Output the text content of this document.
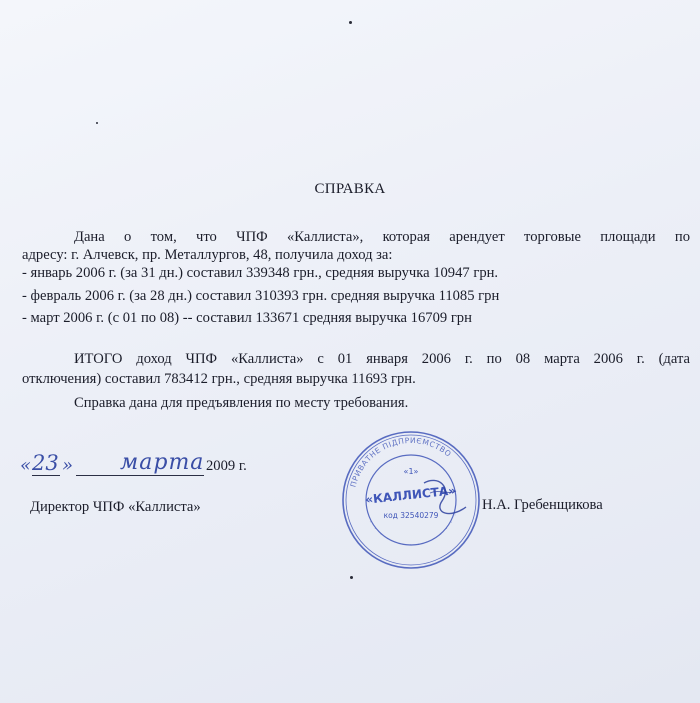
СПРАВКА
Дана о том, что ЧПФ «Каллиста», которая арендует торговые площади по
адресу: г. Алчевск, пр. Металлургов, 48, получила доход за:
- январь 2006 г. (за 31 дн.) составил 339348 грн., средняя выручка 10947 грн.
- февраль 2006 г. (за 28 дн.) составил 310393 грн. средняя выручка 11085 грн
- март 2006 г. (с 01 по 08) -- составил 133671 средняя выручка 16709 грн
ИТОГО доход ЧПФ «Каллиста» с 01 января 2006 г. по 08 марта 2006 г. (дата
отключения) составил 783412 грн., средняя выручка 11693 грн.
Справка дана для предъявления по месту требования.
« 23 » марта 2009 г.
ПРИВАТНЕ ПІДПРИЄМСТВО
· · · · · · · · · · · · · ·
«1»
«КАЛЛИСТА»
код 32540279
Директор ЧПФ «Каллиста»	Н.А. Гребенщикова
